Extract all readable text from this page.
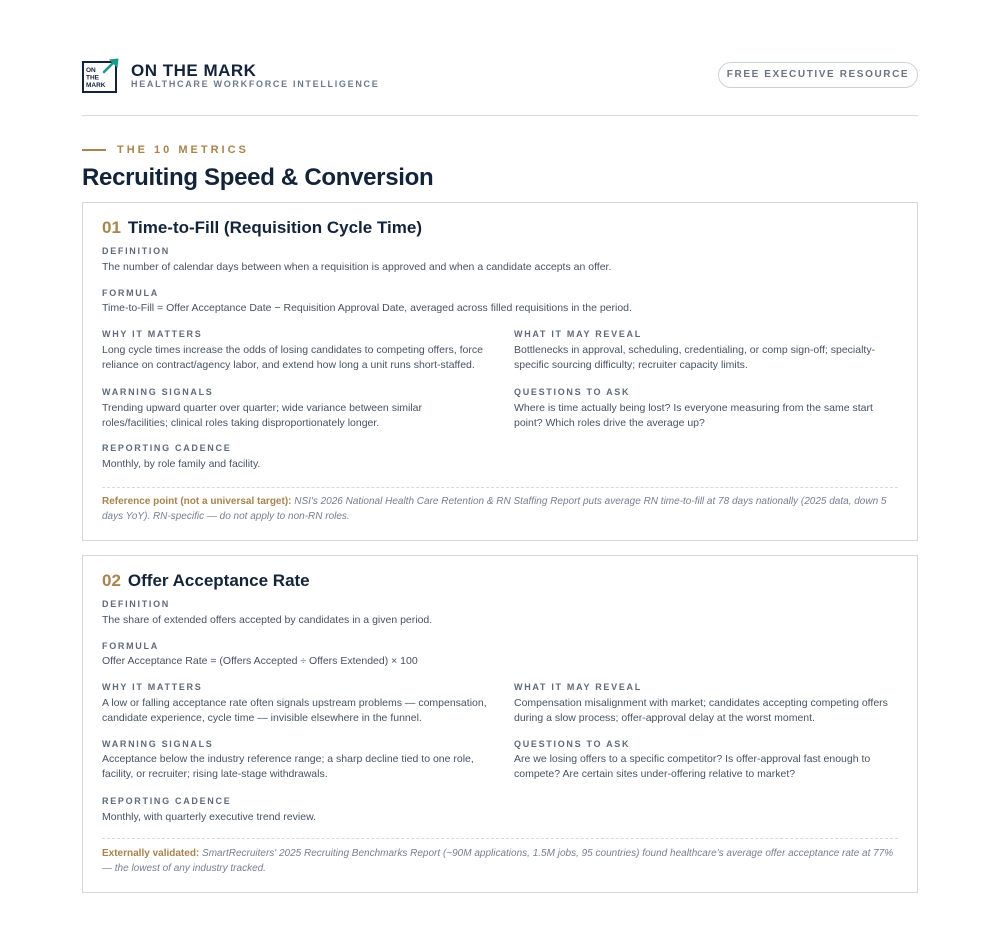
ON
THE
MARK
ON THE MARK
HEALTHCARE WORKFORCE INTELLIGENCE
FREE EXECUTIVE RESOURCE
THE 10 METRICS
Recruiting Speed & Conversion
01 Time-to-Fill (Requisition Cycle Time)
DEFINITION
The number of calendar days between when a requisition is approved and when a candidate accepts an offer.
FORMULA
Time-to-Fill = Offer Acceptance Date − Requisition Approval Date, averaged across filled requisitions in the period.
WHY IT MATTERS
Long cycle times increase the odds of losing candidates to competing offers, force reliance on contract/agency labor, and extend how long a unit runs short-staffed.
WHAT IT MAY REVEAL
Bottlenecks in approval, scheduling, credentialing, or comp sign-off; specialty-specific sourcing difficulty; recruiter capacity limits.
WARNING SIGNALS
Trending upward quarter over quarter; wide variance between similar roles/facilities; clinical roles taking disproportionately longer.
QUESTIONS TO ASK
Where is time actually being lost? Is everyone measuring from the same start point? Which roles drive the average up?
REPORTING CADENCE
Monthly, by role family and facility.
Reference point (not a universal target): NSI's 2026 National Health Care Retention & RN Staffing Report puts average RN time-to-fill at 78 days nationally (2025 data, down 5 days YoY). RN-specific — do not apply to non-RN roles.
02 Offer Acceptance Rate
DEFINITION
The share of extended offers accepted by candidates in a given period.
FORMULA
Offer Acceptance Rate = (Offers Accepted ÷ Offers Extended) × 100
WHY IT MATTERS
A low or falling acceptance rate often signals upstream problems — compensation, candidate experience, cycle time — invisible elsewhere in the funnel.
WHAT IT MAY REVEAL
Compensation misalignment with market; candidates accepting competing offers during a slow process; offer-approval delay at the worst moment.
WARNING SIGNALS
Acceptance below the industry reference range; a sharp decline tied to one role, facility, or recruiter; rising late-stage withdrawals.
QUESTIONS TO ASK
Are we losing offers to a specific competitor? Is offer-approval fast enough to compete? Are certain sites under-offering relative to market?
REPORTING CADENCE
Monthly, with quarterly executive trend review.
Externally validated: SmartRecruiters' 2025 Recruiting Benchmarks Report (~90M applications, 1.5M jobs, 95 countries) found healthcare's average offer acceptance rate at 77% — the lowest of any industry tracked.
